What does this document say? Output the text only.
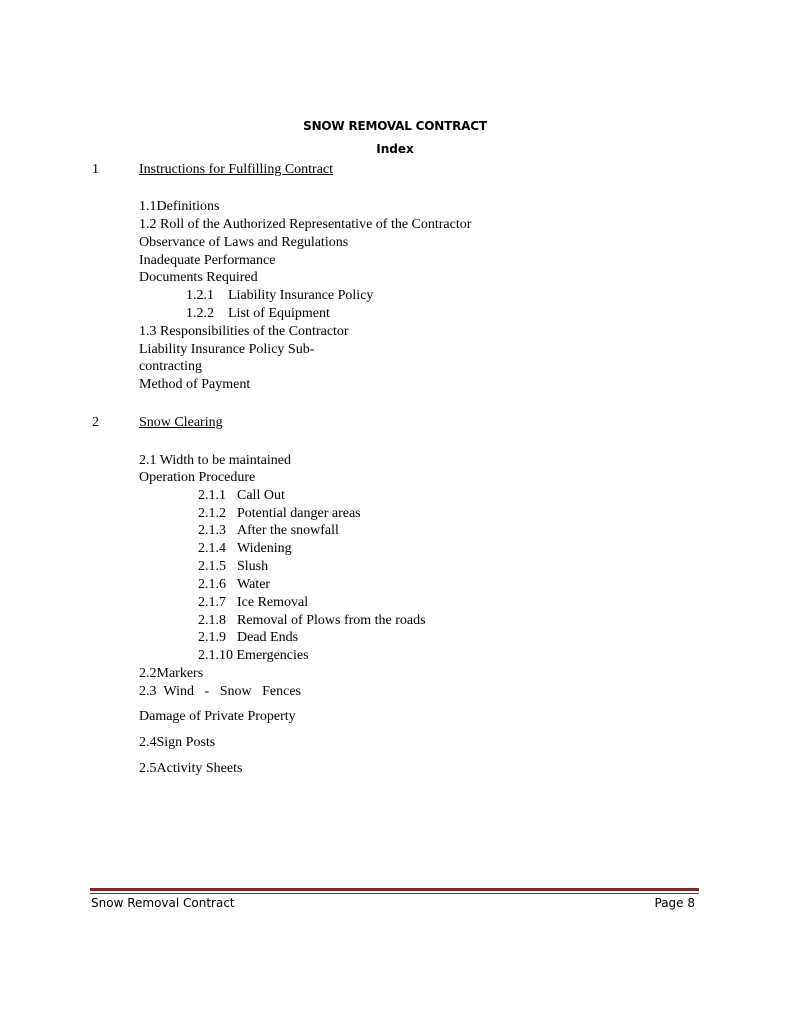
SNOW REMOVAL CONTRACT
Index
1	Instructions for Fulfilling Contract
1.1Definitions
1.2 Roll of the Authorized Representative of the Contractor
Observance of Laws and Regulations
Inadequate Performance
Documents Required
1.2.1 Liability Insurance Policy
1.2.2 List of Equipment
1.3 Responsibilities of the Contractor
Liability Insurance Policy Sub-
contracting
Method of Payment
2	Snow Clearing
2.1 Width to be maintained
Operation Procedure
2.1.1 Call Out
2.1.2 Potential danger areas
2.1.3 After the snowfall
2.1.4 Widening
2.1.5 Slush
2.1.6 Water
2.1.7 Ice Removal
2.1.8 Removal of Plows from the roads
2.1.9 Dead Ends
2.1.10 Emergencies
2.2Markers
2.3 Wind - Snow Fences
Damage of Private Property
2.4Sign Posts
2.5Activity Sheets
Snow Removal Contract	Page 8
